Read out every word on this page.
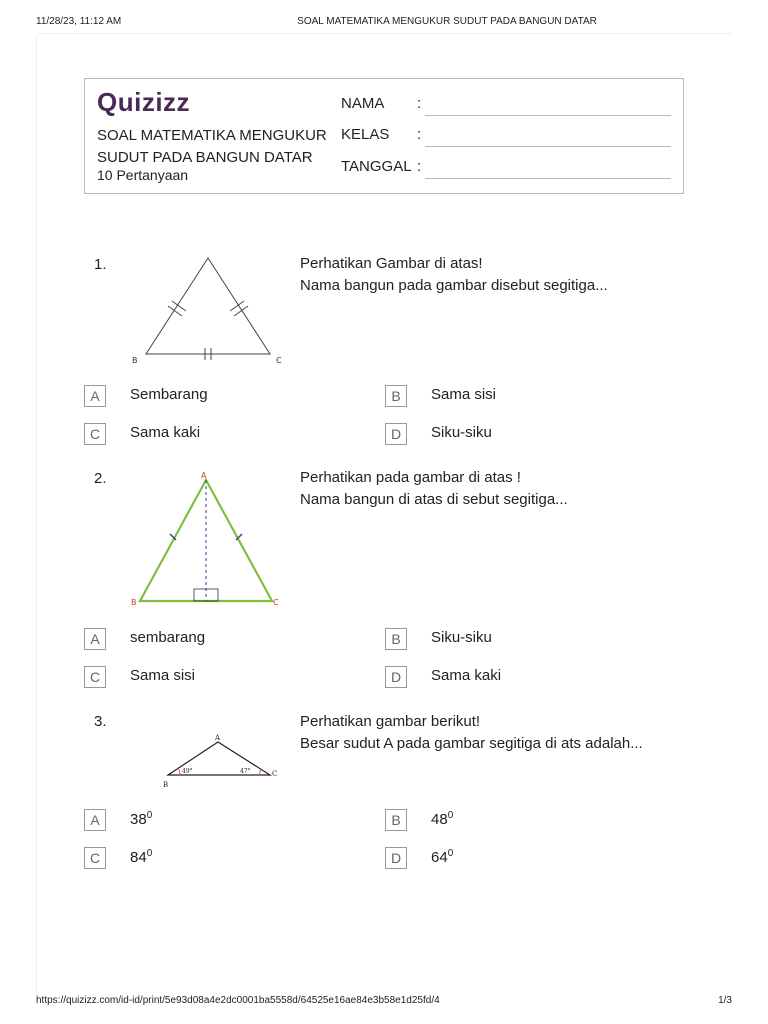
11/28/23, 11:12 AM	SOAL MATEMATIKA MENGUKUR SUDUT PADA BANGUN DATAR
Quizizz
SOAL MATEMATIKA MENGUKUR SUDUT PADA BANGUN DATAR
10 Pertanyaan
NAMA :
KELAS :
TANGGAL :
1.
B	C
Perhatikan Gambar di atas!
Nama bangun pada gambar disebut segitiga...
A	Sembarang	B	Sama sisi
C	Sama kaki	D	Siku-siku
2.	A
B	C
Perhatikan pada gambar di atas !
Nama bangun di atas di sebut segitiga...
A	sembarang	B	Siku-siku
C	Sama sisi	D	Sama kaki
3.
A
B
C
49°	47°
Perhatikan gambar berikut!
Besar sudut A pada gambar segitiga di ats adalah...
A	$38^0$	B	$48^0$
C	$84^0$	D	$64^0$
https://quizizz.com/id-id/print/5e93d08a4e2dc0001ba5558d/64525e16ae84e3b58e1d25fd/4	1/3
